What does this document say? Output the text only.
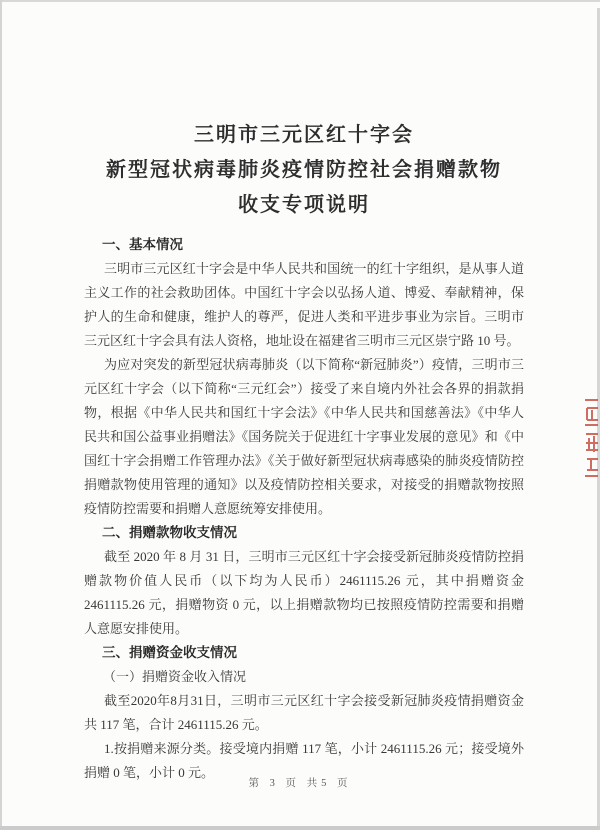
三明市三元区红十字会
新型冠状病毒肺炎疫情防控社会捐赠款物
收支专项说明
一、基本情况

三明市三元区红十字会是中华人民共和国统一的红十字组织，是从事人道主义工作的社会救助团体。中国红十字会以弘扬人道、博爱、奉献精神，保护人的生命和健康，维护人的尊严，促进人类和平进步事业为宗旨。三明市三元区红十字会具有法人资格，地址设在福建省三明市三元区崇宁路 10 号。

为应对突发的新型冠状病毒肺炎（以下简称“新冠肺炎”）疫情，三明市三元区红十字会（以下简称“三元红会”）接受了来自境内外社会各界的捐款捐物，根据《中华人民共和国红十字会法》《中华人民共和国慈善法》《中华人民共和国公益事业捐赠法》《国务院关于促进红十字事业发展的意见》和《中国红十字会捐赠工作管理办法》《关于做好新型冠状病毒感染的肺炎疫情防控捐赠款物使用管理的通知》以及疫情防控相关要求，对接受的捐赠款物按照疫情防控需要和捐赠人意愿统筹安排使用。

二、捐赠款物收支情况

截至 2020 年 8 月 31 日，三明市三元区红十字会接受新冠肺炎疫情防控捐赠款物价值人民币（以下均为人民币）2461115.26 元，其中捐赠资金 2461115.26 元，捐赠物资 0 元，以上捐赠款物均已按照疫情防控需要和捐赠人意愿安排使用。

三、捐赠资金收支情况

（一）捐赠资金收入情况

截至2020年8月31日，三明市三元区红十字会接受新冠肺炎疫情捐赠资金共 117 笔，合计 2461115.26 元。

1.按捐赠来源分类。接受境内捐赠 117 笔，小计 2461115.26 元；接受境外捐赠 0 笔，小计 0 元。

第 3 页 共5 页
